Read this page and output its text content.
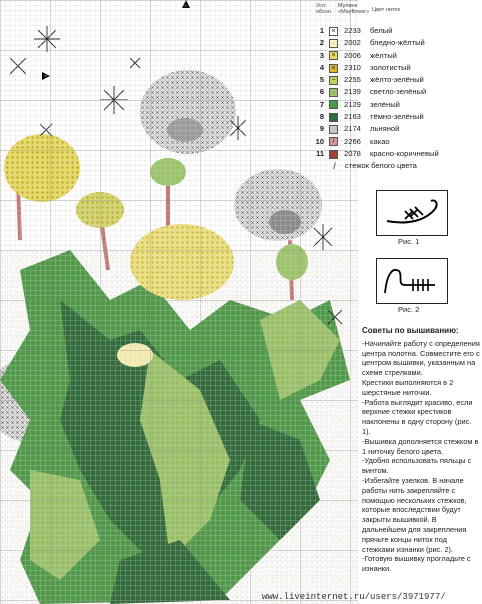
Усл. обозн.
Мулине «Mayflower» Цвет ниток
1	×	2233	белый
2	·	2002	бледно-жёлтый
3	×	2006	жёлтый
4	×	2310	золотистый
5	−	2255	жёлто-зелёный
6	·	2139	светло-зелёный
7	2129	зелёный
8	2163	тёмно-зелёный
9	2174	льняной
10	/	2266	какао
11	2078	красно-коричневый
/	стежок белого цвета
Рис. 1
Рис. 2
Советы по вышиванию:
-Начинайте работу с определения центра полотна. Совместите его с центром вышивки, указанным на схеме стрелками.
Крестики выполняются в 2 шерстяные ниточки.
-Работа выглядит красиво, если верхние стежки крестиков наклонены в одну сторону (рис. 1).
-Вышивка дополняется стежком в 1 ниточку белого цвета.
-Удобно использовать пяльцы с винтом.
-Избегайте узелков. В начале работы нить закрепляйте с помощью нескольких стежков, которые впоследствии будут закрыты вышивкой. В дальнейшем для закрепления прячьте концы ниток под стежками изнанки (рис. 2).
-Готовую вышивку прогладьте с изнанки.
www.liveinternet.ru/users/3971977/
